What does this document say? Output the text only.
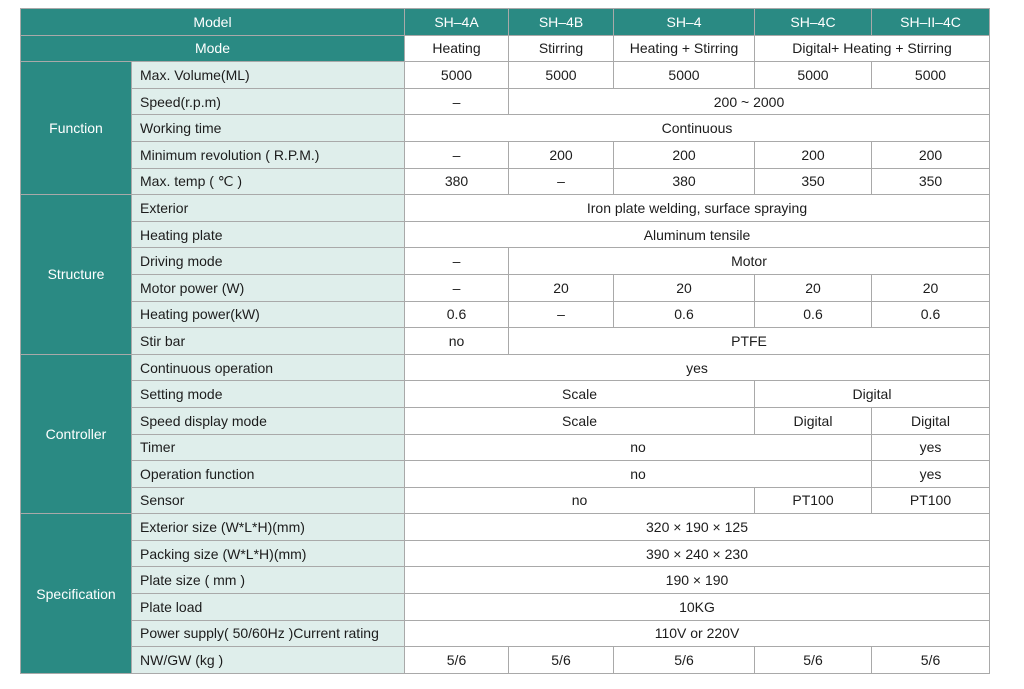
Model		SH–4A	SH–4B	SH–4	SH–4C	SH–II–4C
Mode		Heating	Stirring	Heating + Stirring	Digital+ Heating + Stirring	
Function	Max. Volume(ML)	5000	5000	5000	5000	5000
	Speed(r.p.m)	–	200 ~ 2000			
	Working time	Continuous				
	Minimum revolution ( R.P.M.)	–	200	200	200	200
	Max. temp ( ℃ )	380	–	380	350	350
Structure	Exterior	Iron plate welding, surface spraying				
	Heating plate	Aluminum tensile				
	Driving mode	–	Motor			
	Motor power (W)	–	20	20	20	20
	Heating power(kW)	0.6	–	0.6	0.6	0.6
	Stir bar	no	PTFE			
Controller	Continuous operation	yes				
	Setting mode	Scale			Digital	
	Speed display mode	Scale			Digital	Digital
	Timer	no				yes
	Operation function	no				yes
	Sensor	no			PT100	PT100
Specification	Exterior size (W*L*H)(mm)	320 × 190 × 125				
	Packing size (W*L*H)(mm)	390 × 240 × 230				
	Plate size ( mm )	190 × 190				
	Plate load	10KG				
	Power supply( 50/60Hz )Current rating	110V or 220V				
	NW/GW (kg )	5/6	5/6	5/6	5/6	5/6
